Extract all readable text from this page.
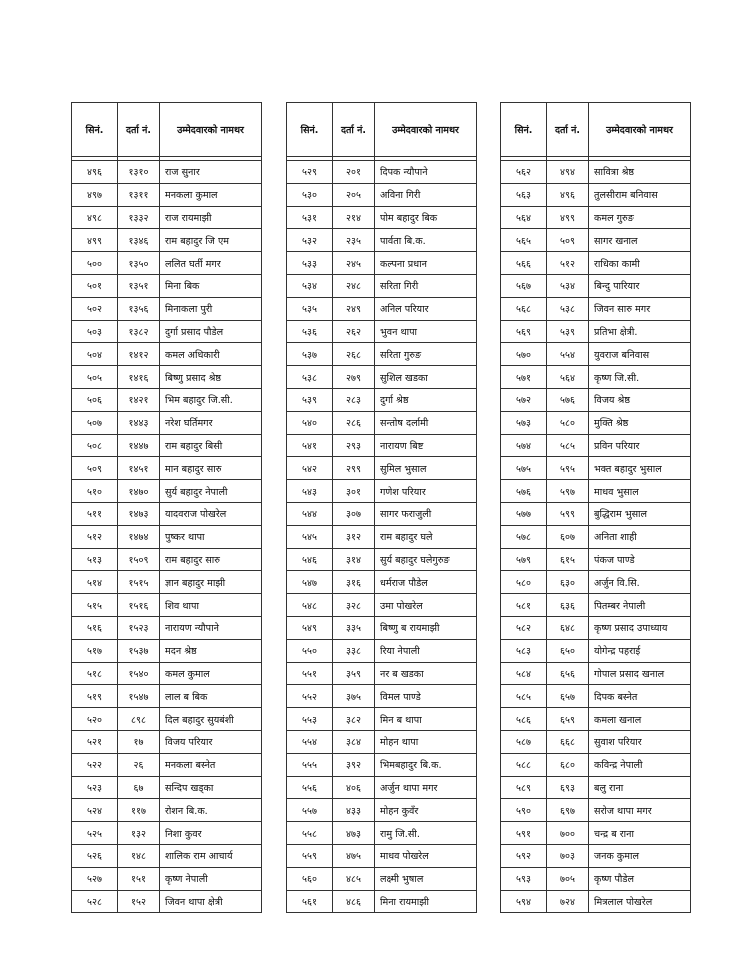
सिनं.	दर्ता नं.	उम्मेदवारको नामथर

४९६	१३१०	राज सुनार
४९७	१३११	मनकला कुमाल
४९८	१३३२	राज रायमाझी
४९९	१३४६	राम बहादुर जि एम
५००	१३५०	ललित घर्ती मगर
५०१	१३५१	मिना बिक
५०२	१३५६	मिनाकला पुरी
५०३	१३८२	दुर्गा प्रसाद पौडेल
५०४	१४१२	कमल अधिकारी
५०५	१४१६	बिष्णु प्रसाद श्रेष्ठ
५०६	१४२१	भिम बहादुर जि.सी.
५०७	१४४३	नरेश घर्तिमगर
५०८	१४४७	राम बहादुर बिसी
५०९	१४५१	मान बहादुर सारु
५१०	१४७०	सुर्य बहादुर नेपाली
५११	१४७३	यादवराज पोखरेल
५१२	१४७४	पुष्कर थापा
५१३	१५०९	राम बहादुर सारु
५१४	१५१५	ज्ञान बहादुर माझी
५१५	१५१६	शिव थापा
५१६	१५२३	नारायण न्यौपाने
५१७	१५३७	मदन श्रेष्ठ
५१८	१५४०	कमल कुमाल
५१९	१५४७	लाल ब बिक
५२०	८९८	दिल बहादुर सुयबंशी
५२१	१७	विजय परियार
५२२	२६	मनकला बस्नेत
५२३	६७	सन्दिप खड्का
५२४	११७	रोशन बि.क.
५२५	१३२	निशा कुवर
५२६	१४८	शालिक राम आचार्य
५२७	१५१	कृष्ण नेपाली
५२८	१५२	जिवन थापा क्षेत्री
सिनं.	दर्ता नं.	उम्मेदवारको नामथर

५२९	२०१	दिपक न्यौपाने
५३०	२०५	अविना गिरी
५३१	२१४	पोम बहादुर बिक
५३२	२३५	पार्वता बि.क.
५३३	२४५	कल्पना प्रधान
५३४	२४८	सरिता गिरी
५३५	२४९	अनिल परियार
५३६	२६२	भुवन थापा
५३७	२६८	सरिता गुरुङ
५३८	२७९	सुशिल खडका
५३९	२८३	दुर्गा श्रेष्ठ
५४०	२८६	सन्तोष दर्लामी
५४१	२९३	नारायण बिष्ट
५४२	२९९	सुमिल भुसाल
५४३	३०१	गणेश परियार
५४४	३०७	सागर फराजुली
५४५	३१२	राम बहादुर घले
५४६	३१४	सुर्य बहादुर घलेगुरुङ
५४७	३१६	धर्मराज पौडेल
५४८	३२८	उमा पोखरेल
५४९	३३५	बिष्णु ब रायमाझी
५५०	३३८	रिया नेपाली
५५१	३५९	नर ब खडका
५५२	३७५	विमल पाण्डे
५५३	३८२	मिन ब थापा
५५४	३८४	मोहन थापा
५५५	३९२	भिमबहादुर बि.क.
५५६	४०६	अर्जुन थापा मगर
५५७	४३३	मोहन कुवँर
५५८	४७३	रामु जि.सी.
५५९	४७५	माधव पोखरेल
५६०	४८५	लक्ष्मी भुषाल
५६१	४८६	मिना रायमाझी
सिनं.	दर्ता नं.	उम्मेदवारको नामथर

५६२	४९४	सावित्रा श्रेष्ठ
५६३	४९६	तुलसीराम बनिवास
५६४	४९९	कमल गुरुङ
५६५	५०९	सागर खनाल
५६६	५१२	राधिका कामी
५६७	५३४	बिन्दु पारियार
५६८	५३८	जिवन सारु मगर
५६९	५३९	प्रतिभा क्षेत्री.
५७०	५५४	युवराज बनिवास
५७१	५६४	कृष्ण जि.सी.
५७२	५७६	विजय श्रेष्ठ
५७३	५८०	मुक्ति श्रेष्ठ
५७४	५८५	प्रविन परियार
५७५	५९५	भक्त बहादुर भुसाल
५७६	५९७	माधव भुसाल
५७७	५९९	बुद्धिराम भुसाल
५७८	६०७	अनिता शाही
५७९	६१५	पंकज पाण्डे
५८०	६३०	अर्जुन वि.सि.
५८१	६३६	पितम्बर नेपाली
५८२	६४८	कृष्ण प्रसाद उपाध्याय
५८३	६५०	योगेन्द्र पहराई
५८४	६५६	गोपाल प्रसाद खनाल
५८५	६५७	दिपक बस्नेत
५८६	६५९	कमला खनाल
५८७	६६८	सुवाश परियार
५८८	६८०	कविन्द्र नेपाली
५८९	६९३	बलु राना
५९०	६९७	सरोज थापा मगर
५९१	७००	चन्द्र ब राना
५९२	७०३	जनक कुमाल
५९३	७०५	कृष्ण पौडेल
५९४	७२४	मित्रलाल पोखरेल
